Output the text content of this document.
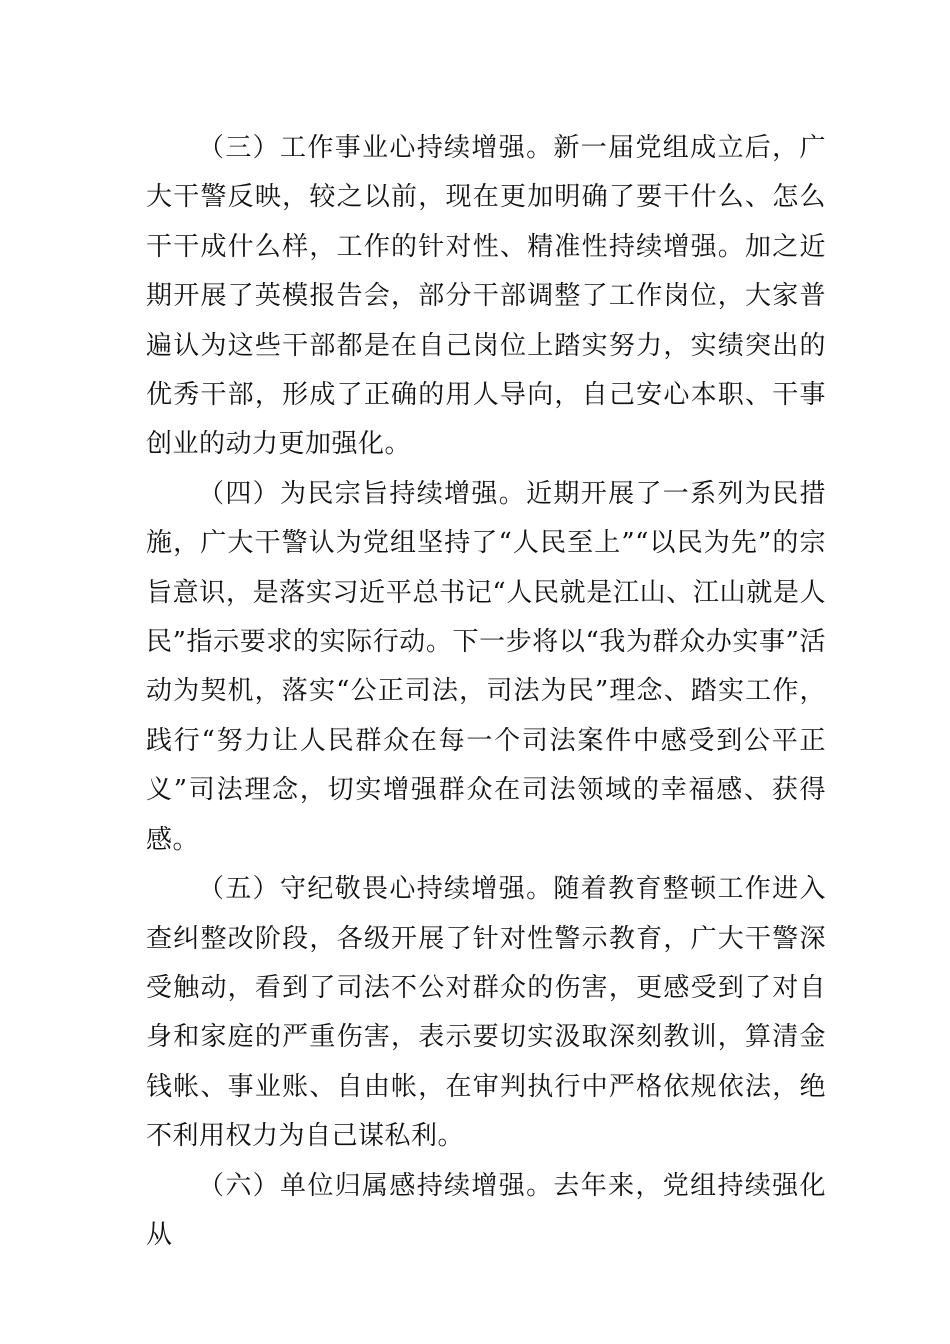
（三）工作事业心持续增强。新一届党组成立后，广大干警反映，较之以前，现在更加明确了要干什么、怎么干干成什么样，工作的针对性、精准性持续增强。加之近期开展了英模报告会，部分干部调整了工作岗位，大家普遍认为这些干部都是在自己岗位上踏实努力，实绩突出的优秀干部，形成了正确的用人导向，自己安心本职、干事创业的动力更加强化。

（四）为民宗旨持续增强。近期开展了一系列为民措施，广大干警认为党组坚持了“人民至上”“以民为先”的宗旨意识，是落实习近平总书记“人民就是江山、江山就是人民”指示要求的实际行动。下一步将以“我为群众办实事”活动为契机，落实“公正司法，司法为民”理念、踏实工作，践行“努力让人民群众在每一个司法案件中感受到公平正义”司法理念，切实增强群众在司法领域的幸福感、获得感。

（五）守纪敬畏心持续增强。随着教育整顿工作进入查纠整改阶段，各级开展了针对性警示教育，广大干警深受触动，看到了司法不公对群众的伤害，更感受到了对自身和家庭的严重伤害，表示要切实汲取深刻教训，算清金钱帐、事业账、自由帐，在审判执行中严格依规依法，绝不利用权力为自己谋私利。

（六）单位归属感持续增强。去年来，党组持续强化从
